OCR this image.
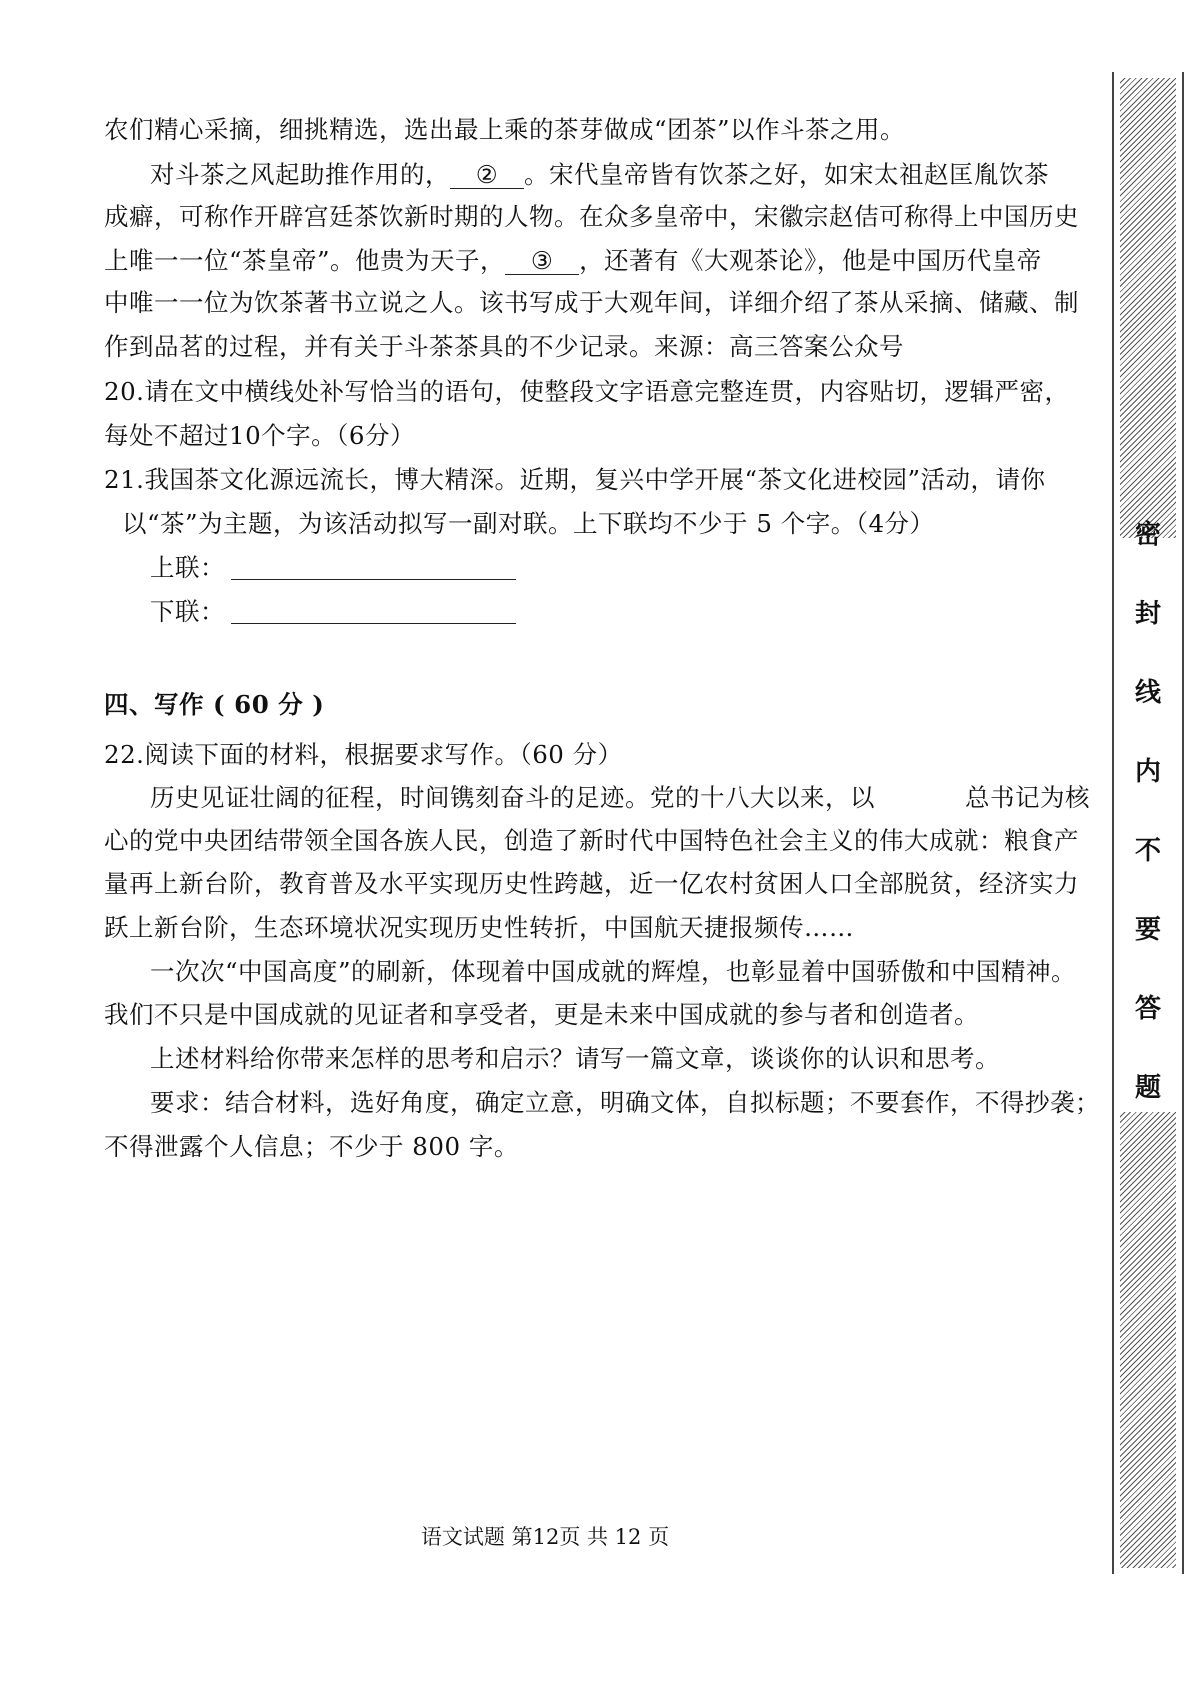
农们精心采摘，细挑精选，选出最上乘的茶芽做成“团茶”以作斗茶之用。
对斗茶之风起助推作用的， ② 。宋代皇帝皆有饮茶之好，如宋太祖赵匡胤饮茶
成癖，可称作开辟宫廷茶饮新时期的人物。在众多皇帝中，宋徽宗赵佶可称得上中国历史
上唯一一位“茶皇帝”。他贵为天子， ③ ，还著有《大观茶论》，他是中国历代皇帝
中唯一一位为饮茶著书立说之人。该书写成于大观年间，详细介绍了茶从采摘、储藏、制
作到品茗的过程，并有关于斗茶茶具的不少记录。来源：高三答案公众号
20.请在文中横线处补写恰当的语句，使整段文字语意完整连贯，内容贴切，逻辑严密，
每处不超过10个字。（6分）
21.我国茶文化源远流长，博大精深。近期，复兴中学开展“茶文化进校园”活动，请你
以“茶”为主题，为该活动拟写一副对联。上下联均不少于 5 个字。（4分）
上联：
下联：
四、写作 ( 60 分 )
22.阅读下面的材料，根据要求写作。（60 分）
历史见证壮阔的征程，时间镌刻奋斗的足迹。党的十八大以来，以	总书记为核
心的党中央团结带领全国各族人民，创造了新时代中国特色社会主义的伟大成就：粮食产
量再上新台阶，教育普及水平实现历史性跨越，近一亿农村贫困人口全部脱贫，经济实力
跃上新台阶，生态环境状况实现历史性转折，中国航天捷报频传……
一次次“中国高度”的刷新，体现着中国成就的辉煌，也彰显着中国骄傲和中国精神。
我们不只是中国成就的见证者和享受者，更是未来中国成就的参与者和创造者。
上述材料给你带来怎样的思考和启示？请写一篇文章，谈谈你的认识和思考。
要求：结合材料，选好角度，确定立意，明确文体，自拟标题；不要套作，不得抄袭；
不得泄露个人信息；不少于 800 字。
语文试题 第12页 共 12 页
密
封
线
内
不
要
答
题
